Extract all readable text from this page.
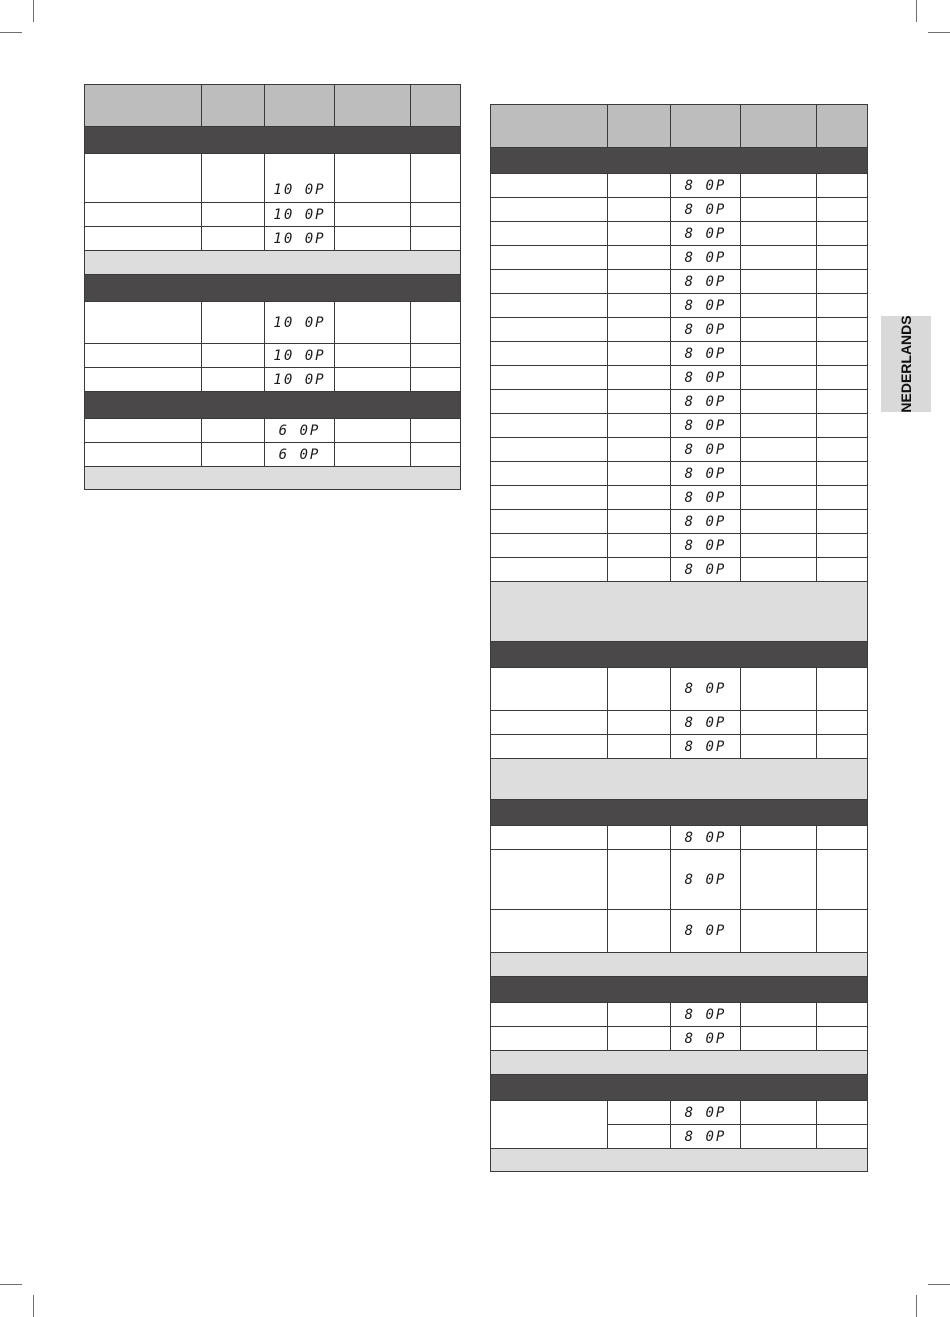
		10 0P		

		10 0P		

		10 0P		

		10 0P		

		10 0P		

		10 0P		

		6 0P		

		6 0P		

		8 0P		

		8 0P		

		8 0P		

		8 0P		

		8 0P		

		8 0P		

		8 0P		

		8 0P		

		8 0P		

		8 0P		

		8 0P		

		8 0P		

		8 0P		

		8 0P		

		8 0P		

		8 0P		

		8 0P		

		8 0P		

		8 0P		

		8 0P		

		8 0P		

		8 0P		

		8 0P		

		8 0P		

		8 0P		

		8 0P		

		8 0P		

NEDERLANDS
